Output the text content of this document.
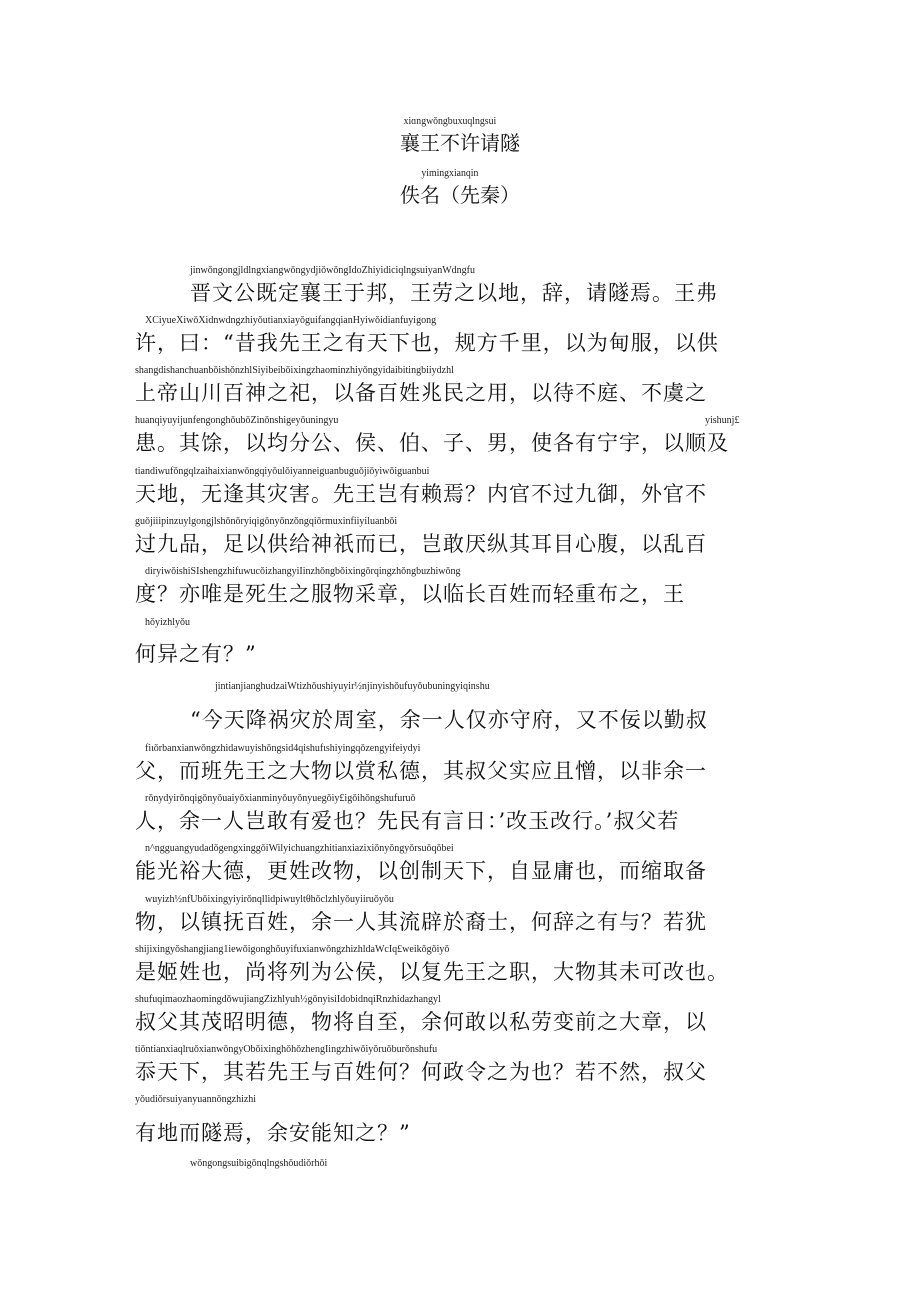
xiɑngwǒngbuxuqlngsui
襄王不许请隧
yimingxianqin
佚名（先秦）
jinwǒngongjldlngxiangwǒngydjiǒwǒngIdoZhiyidiciqlngsuiyanWdngfu
晋文公既定襄王于邦，王劳之以地，辞，请隧焉。王弗
XCiyueXiwǒXidnwdngzhiyǒutianxiayǒguifangqianHyiwǒidianfuyigong
许，曰：“昔我先王之有天下也，规方千里，以为甸服，以供
shangdishanchuanbǒishǒnzhlSiyibeibǒixingzhaominzhiyǒngyidaibitingbiiydzhl
上帝山川百神之祀，以备百姓兆民之用，以待不庭、不虞之
huanqiyuyijunfengonghǒubǒZinǒnshigeyǒuningyu	yishunj£
患。其馀，以均分公、侯、伯、子、男，使各有宁宇，以顺及
tiandiwufǒngqlzaihaixianwǒngqiyǒulǒiyanneiguanbuguǒjiǒyiwǒiguanbui
天地，无逢其灾害。先王岂有赖焉？内官不过九御，外官不
guǒjiiipinzuylgongjlshǒnǒryiqigǒnyǒnzǒngqiǒrmuxinfiiyiluanbǒi
过九品，足以供给神祇而已，岂敢厌纵其耳目心腹，以乱百
diryiwǒishiSIshengzhifuwucǒizhangyiIinzhǒngbǒixingǒrqingzhǒngbuzhiwǒng
度？亦唯是死生之服物采章，以临长百姓而轻重布之，王
hǒyizhlyǒu
何异之有？”
jintianjianghudzaiWtizhǒushiyuyir½njinyishǒufuyǒubuningyiqinshu
“今天降祸灾於周室，余一人仅亦守府，又不佞以勤叔
fiιǒrbanxianwǒngzhidawuyishǒngsid4qishufιshiyingqǒzengyifeiydyi
父，而班先王之大物以赏私德，其叔父实应且憎，以非余一
rǒnydyirǒnqigǒnyǒuaiyǒxianminyǒuyǒnyuegǒiy£igǒihǒngshufuruǒ
人，余一人岂敢有爱也？先民有言日：’改玉改行。’叔父若
n^ngguangyudadǒgengxinggǒiWilyichuangzhitianxiazixiǒnyǒngyǒrsuǒqǒbei
能光裕大德，更姓改物，以创制天下，自显庸也，而缩取备
wuyizh½nfUbǒixingyiyirǒnqllidpiwuyltθhǒclzhlyǒuyiiruǒyǒu
物，以镇抚百姓，余一人其流辟於裔士，何辞之有与？若犹
shijixingyǒshangjiang1iewǒigonghǒuyifuxianwǒngzhizhldaWcIq£weikǒgǒiyǒ
是姬姓也，尚将列为公侯，以复先王之职，大物其未可改也。
shufuqimaozhaomingdǒwujiangZizhlyuh½gǒnyisiIdobidnqiRnzhidazhangyl
叔父其茂昭明德，物将自至，余何敢以私劳变前之大章，以
tiǒntianxiaqlruǒxianwǒngyObǒixinghǒhǒzhengIingzhiwǒiyǒruǒburǒnshufu
忝天下，其若先王与百姓何？何政令之为也？若不然，叔父
yǒudiǒrsuiyanyuannǒngzhizhi
有地而隧焉，余安能知之？”
wǒngongsuibigǒnqlngshǒudiǒrhǒi
